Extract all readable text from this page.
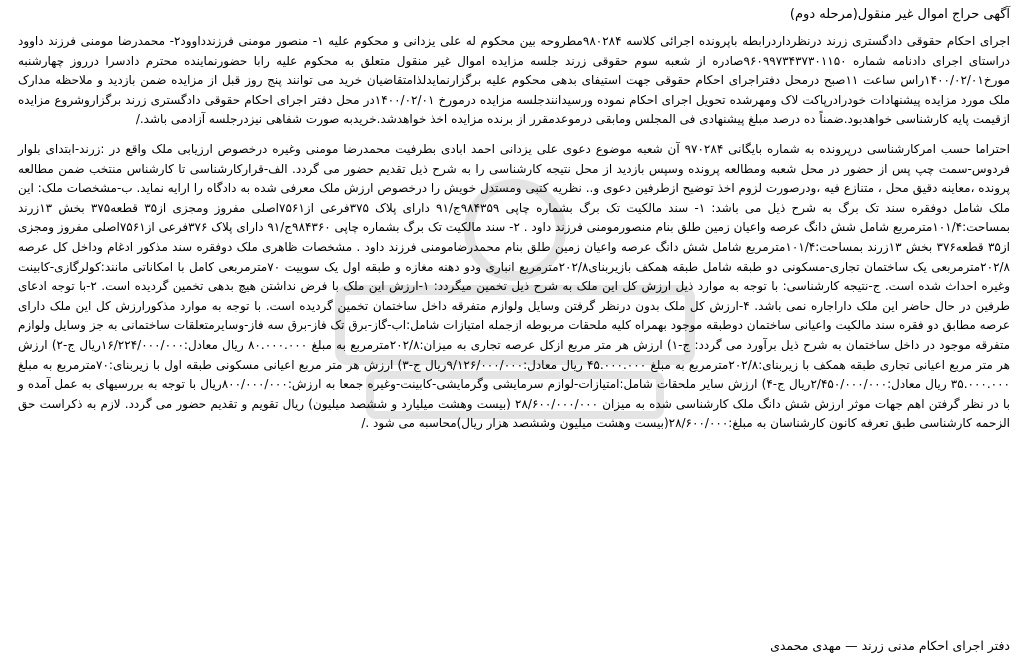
آگهی حراج اموال غیر منقول(مرحله دوم)

اجرای احکام حقوقی دادگستری زرند درنظرداردرابطه باپرونده اجرائی کلاسه ۹۸۰۲۸۴مطروحه بین محکوم له علی یزدانی و محکوم علیه ۱- منصور مومنی فرزندداوود۲- محمدرضا مومنی فرزند داوود دراستای اجرای دادنامه شماره ۹۶۰۹۹۷۳۴۳۷۳۰۱۱۵۰صادره از شعبه سوم حقوقی زرند جلسه مزایده اموال غیر منقول متعلق به محکوم علیه رابا حضورنماینده محترم دادسرا درروز چهارشنبه مورخ۱۴۰۰/۰۲/۰۱راس ساعت ۱۱صبح درمحل دفتراجرای احکام حقوقی جهت استیفای بدهی محکوم علیه برگزارنمایدلذامتقاضیان خرید می توانند پنج روز قبل از مزایده ضمن بازدید و ملاحظه مدارک ملک مورد مزایده پیشنهادات خودرادرپاکت لاک ومهرشده تحویل اجرای احکام نموده ورسیدانندجلسه مزایده درمورخ ۱۴۰۰/۰۲/۰۱در محل دفتر اجرای احکام حقوقی دادگستری زرند برگزاروشروع مزایده ازقیمت پایه کارشناسی خواهدبود.ضمناً ده درصد مبلغ پیشنهادی فی المجلس ومابقی درموعدمقرر از برنده مزایده اخذ خواهدشد.خریدبه صورت شفاهی نیزدرجلسه آزادمی باشد./

احتراما حسب امرکارشناسی درپرونده به شماره بایگانی ۹۷۰۲۸۴ آن شعبه موضوع دعوی علی یزدانی احمد ابادی بطرفیت محمدرضا مومنی وغیره درخصوص ارزیابی ملک واقع در :زرند-ابتدای بلوار فردوس-سمت چپ پس از حضور در محل شعبه ومطالعه پرونده وسپس بازدید از محل نتیجه کارشناسی را به شرح ذیل تقدیم حضور می گردد. الف-قرارکارشناسی تا کارشناس منتخب ضمن مطالعه پرونده ،معاینه دقیق محل ، متنازع فیه ،ودرصورت لزوم اخذ توضیح ازطرفین دعوی و.. نظریه کتبی ومستدل خویش را درخصوص ارزش ملک معرفی شده به دادگاه را ارایه نماید. ب-مشخصات ملک: این ملک شامل دوفقره سند تک برگ به شرح ذیل می باشد: ۱- سند مالکیت تک برگ بشماره چاپی ۹۸۴۳۵۹ج/۹۱ دارای پلاک ۳۷۵فرعی از۷۵۶۱اصلی مفروز ومجزی از۳۵ قطعه۳۷۵ بخش ۱۳زرند بمساحت:۱۰۱/۴مترمربع شامل شش دانگ عرصه واعیان زمین طلق بنام منصورمومنی فرزند داود . ۲- سند مالکیت تک برگ بشماره چاپی ۹۸۴۳۶۰ج/۹۱ دارای پلاک ۳۷۶فرعی از۷۵۶۱اصلی مفروز ومجزی از۳۵ قطعه۳۷۶ بخش ۱۳زرند بمساحت:۱۰۱/۴مترمربع شامل شش دانگ عرصه واعیان زمین طلق بنام محمدرضامومنی فرزند داود . مشخصات ظاهری ملک دوفقره سند مذکور ادغام وداخل کل عرصه ۲۰۲/۸مترمربعی یک ساختمان تجاری-مسکونی دو طبقه شامل طبقه همکف بازیربنای۲۰۲/۸مترمربع انباری ودو دهنه مغازه و طبقه اول یک سوییت ۷۰مترمربعی کامل با امکاناتی مانند:کولرگازی-کابینت وغیره احداث شده است. ج-نتیجه کارشناسی: با توجه به موارد ذیل ارزش کل این ملک به شرح ذیل تخمین میگردد: ۱-ارزش این ملک با فرض نداشتن هیچ بدهی تخمین گردیده است. ۲-با توجه ادعای طرفین در حال حاضر این ملک داراجاره نمی باشد. ۴-ارزش کل ملک بدون درنظر گرفتن وسایل ولوازم متفرقه داخل ساختمان تخمین گردیده است. با توجه به موارد مذکورارزش کل این ملک دارای عرصه مطابق دو فقره سند مالکیت واعیانی ساختمان دوطبقه موجود بهمراه کلیه ملحقات مربوطه ازجمله امتیازات شامل:اب-گاز-برق تک فاز-برق سه فاز-وسایرمتعلقات ساختمانی به جز وسایل ولوازم متفرقه موجود در داخل ساختمان به شرح ذیل برآورد می گردد: ج-۱) ارزش هر متر مربع ازکل عرصه تجاری به میزان:۲۰۲/۸مترمربع به مبلغ ۸۰.۰۰۰.۰۰۰ ریال معادل:۱۶/۲۲۴/۰۰۰/۰۰۰ریال ج-۲) ارزش هر متر مربع اعیانی تجاری طبقه همکف با زیربنای:۲۰۲/۸مترمربع به مبلغ ۴۵.۰۰۰.۰۰۰ ریال معادل:۹/۱۲۶/۰۰۰/۰۰۰ریال ج-۳) ارزش هر متر مربع اعیانی مسکونی طبقه اول با زیربنای:۷۰مترمربع به مبلغ ۳۵.۰۰۰.۰۰۰ ریال معادل:۲/۴۵۰/۰۰۰/۰۰۰ریال ج-۴) ارزش سایر ملحقات شامل:امتیازات-لوازم سرمایشی وگرمایشی-کابینت-وغیره جمعا به ارزش:۸۰۰/۰۰۰/۰۰۰ریال با توجه به بررسیهای به عمل آمده و با در نظر گرفتن اهم جهات موثر ارزش شش دانگ ملک کارشناسی شده به میزان ۲۸/۶۰۰/۰۰۰/۰۰۰ (بیست وهشت میلیارد و ششصد میلیون) ریال تقویم و تقدیم حضور می گردد. لازم به ذکراست حق الزحمه کارشناسی طبق تعرفه کانون کارشناسان به مبلغ:۲۸/۶۰۰/۰۰۰(بیست وهشت میلیون وششصد هزار ریال)محاسبه می شود ./

دفتر اجرای احکام مدنی زرند — مهدی محمدی
